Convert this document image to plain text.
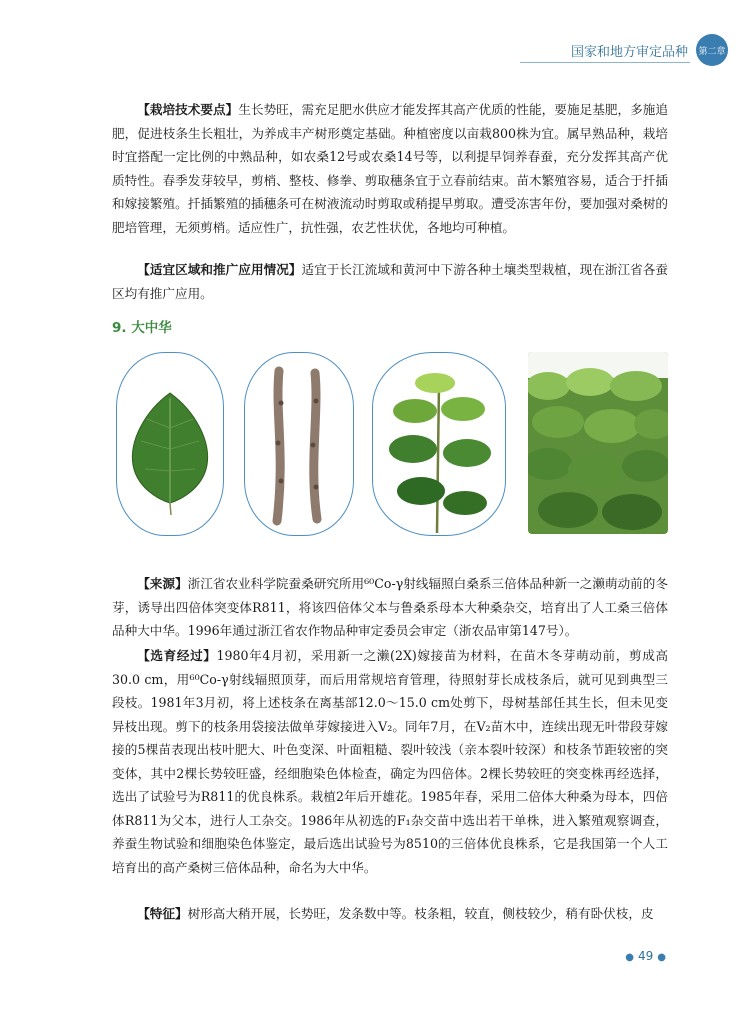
国家和地方审定品种 第二章

【栽培技术要点】生长势旺，需充足肥水供应才能发挥其高产优质的性能，要施足基肥，多施追肥，促进枝条生长粗壮，为养成丰产树形奠定基础。种植密度以亩栽800株为宜。属早熟品种，栽培时宜搭配一定比例的中熟品种，如农桑12号或农桑14号等，以利提早饲养春蚕，充分发挥其高产优质特性。春季发芽较早，剪梢、整枝、修拳、剪取穗条宜于立春前结束。苗木繁殖容易，适合于扦插和嫁接繁殖。扦插繁殖的插穗条可在树液流动时剪取或稍提早剪取。遭受冻害年份，要加强对桑树的肥培管理，无须剪梢。适应性广，抗性强，农艺性状优，各地均可种植。

【适宜区域和推广应用情况】适宜于长江流域和黄河中下游各种土壤类型栽植，现在浙江省各蚕区均有推广应用。

9. 大中华

【来源】浙江省农业科学院蚕桑研究所用⁶⁰Co-γ射线辐照白桑系三倍体品种新一之濑萌动前的冬芽，诱导出四倍体突变体R811，将该四倍体父本与鲁桑系母本大种桑杂交，培育出了人工桑三倍体品种大中华。1996年通过浙江省农作物品种审定委员会审定（浙农品审第147号）。

【选育经过】1980年4月初，采用新一之濑(2X)嫁接苗为材料，在苗木冬芽萌动前，剪成高30.0 cm，用⁶⁰Co-γ射线辐照顶芽，而后用常规培育管理，待照射芽长成枝条后，就可见到典型三段枝。1981年3月初，将上述枝条在离基部12.0～15.0 cm处剪下，母树基部任其生长，但未见变异枝出现。剪下的枝条用袋接法做单芽嫁接进入V₂。同年7月，在V₂苗木中，连续出现无叶带段芽嫁接的5棵苗表现出枝叶肥大、叶色变深、叶面粗糙、裂叶较浅（亲本裂叶较深）和枝条节距较密的突变体，其中2棵长势较旺盛，经细胞染色体检查，确定为四倍体。2棵长势较旺的突变株再经选择，选出了试验号为R811的优良株系。栽植2年后开雄花。1985年春，采用二倍体大种桑为母本，四倍体R811为父本，进行人工杂交。1986年从初选的F₁杂交苗中选出若干单株，进入繁殖观察调查，养蚕生物试验和细胞染色体鉴定，最后选出试验号为8510的三倍体优良株系，它是我国第一个人工培育出的高产桑树三倍体品种，命名为大中华。

【特征】树形高大稍开展，长势旺，发条数中等。枝条粗，较直，侧枝较少，稍有卧伏枝，皮

● 49 ●
